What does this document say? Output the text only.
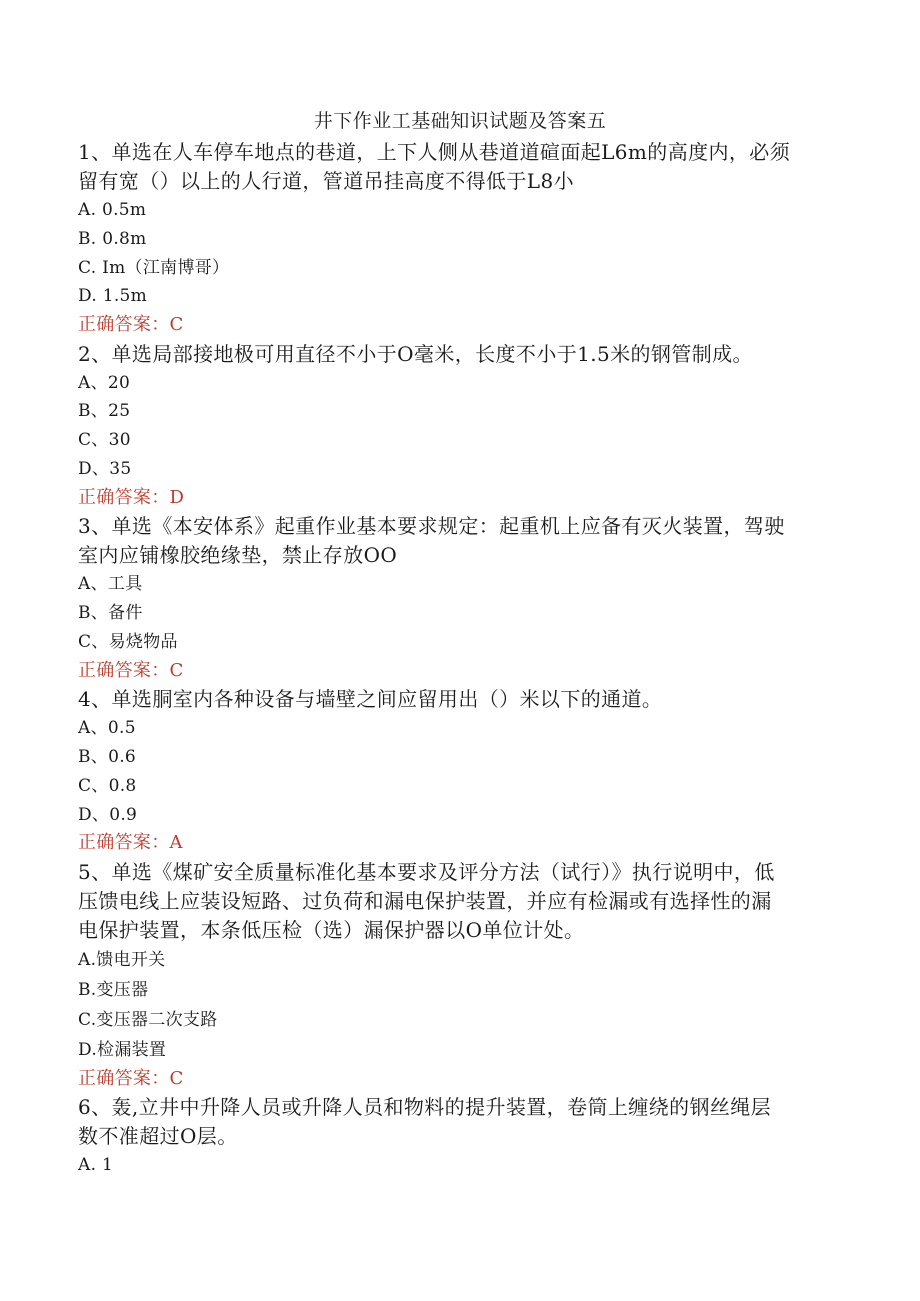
井下作业工基础知识试题及答案五
1、单选在人车停车地点的巷道，上下人侧从巷道道碹面起L6m的高度内，必须
留有宽（）以上的人行道，管道吊挂高度不得低于L8小
A. 0.5m
B. 0.8m
C. Im（江南博哥）
D. 1.5m
正确答案：C
2、单选局部接地极可用直径不小于O毫米，长度不小于1.5米的钢管制成。
A、20
B、25
C、30
D、35
正确答案：D
3、单选《本安体系》起重作业基本要求规定：起重机上应备有灭火装置，驾驶
室内应铺橡胶绝缘垫，禁止存放OO
A、工具
B、备件
C、易烧物品
正确答案：C
4、单选胴室内各种设备与墙壁之间应留用出（）米以下的通道。
A、0.5
B、0.6
C、0.8
D、0.9
正确答案：A
5、单选《煤矿安全质量标准化基本要求及评分方法（试行）》执行说明中，低
压馈电线上应装设短路、过负荷和漏电保护装置，并应有检漏或有选择性的漏
电保护装置，本条低压检（选）漏保护器以O单位计处。
A.馈电开关
B.变压器
C.变压器二次支路
D.检漏装置
正确答案：C
6、轰,立井中升降人员或升降人员和物料的提升装置，卷筒上缠绕的钢丝绳层
数不准超过O层。
A. 1
